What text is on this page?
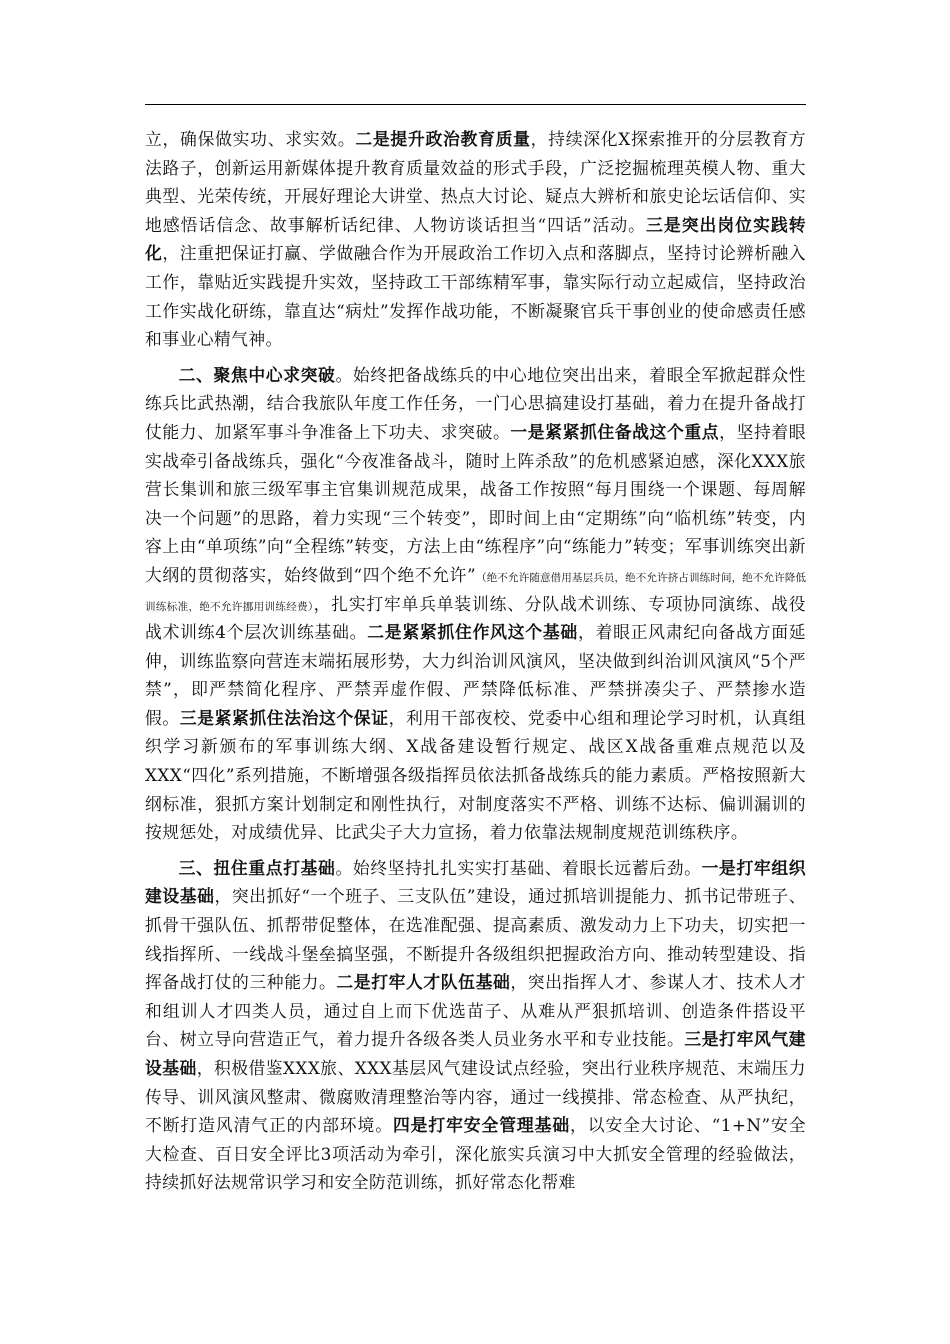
立，确保做实功、求实效。二是提升政治教育质量，持续深化X探索推开的分层教育方法路子，创新运用新媒体提升教育质量效益的形式手段，广泛挖掘梳理英模人物、重大典型、光荣传统，开展好理论大讲堂、热点大讨论、疑点大辨析和旅史论坛话信仰、实地感悟话信念、故事解析话纪律、人物访谈话担当“四话”活动。三是突出岗位实践转化，注重把保证打赢、学做融合作为开展政治工作切入点和落脚点，坚持讨论辨析融入工作，靠贴近实践提升实效，坚持政工干部练精军事，靠实际行动立起威信，坚持政治工作实战化研练，靠直达“病灶”发挥作战功能，不断凝聚官兵干事创业的使命感责任感和事业心精气神。

二、聚焦中心求突破。始终把备战练兵的中心地位突出出来，着眼全军掀起群众性练兵比武热潮，结合我旅队年度工作任务，一门心思搞建设打基础，着力在提升备战打仗能力、加紧军事斗争准备上下功夫、求突破。一是紧紧抓住备战这个重点，坚持着眼实战牵引备战练兵，强化“今夜准备战斗，随时上阵杀敌”的危机感紧迫感，深化XXX旅营长集训和旅三级军事主官集训规范成果，战备工作按照“每月围绕一个课题、每周解决一个问题”的思路，着力实现“三个转变”，即时间上由“定期练”向“临机练”转变，内容上由“单项练”向“全程练”转变，方法上由“练程序”向“练能力”转变；军事训练突出新大纲的贯彻落实，始终做到“四个绝不允许”（绝不允许随意借用基层兵员，绝不允许挤占训练时间，绝不允许降低训练标准，绝不允许挪用训练经费），扎实打牢单兵单装训练、分队战术训练、专项协同演练、战役战术训练4个层次训练基础。二是紧紧抓住作风这个基础，着眼正风肃纪向备战方面延伸，训练监察向营连末端拓展形势，大力纠治训风演风，坚决做到纠治训风演风“5个严禁”，即严禁简化程序、严禁弄虚作假、严禁降低标准、严禁拼凑尖子、严禁掺水造假。三是紧紧抓住法治这个保证，利用干部夜校、党委中心组和理论学习时机，认真组织学习新颁布的军事训练大纲、X战备建设暂行规定、战区X战备重难点规范以及XXX“四化”系列措施，不断增强各级指挥员依法抓备战练兵的能力素质。严格按照新大纲标准，狠抓方案计划制定和刚性执行，对制度落实不严格、训练不达标、偏训漏训的按规惩处，对成绩优异、比武尖子大力宣扬，着力依靠法规制度规范训练秩序。

三、扭住重点打基础。始终坚持扎扎实实打基础、着眼长远蓄后劲。一是打牢组织建设基础，突出抓好“一个班子、三支队伍”建设，通过抓培训提能力、抓书记带班子、抓骨干强队伍、抓帮带促整体，在选准配强、提高素质、激发动力上下功夫，切实把一线指挥所、一线战斗堡垒搞坚强，不断提升各级组织把握政治方向、推动转型建设、指挥备战打仗的三种能力。二是打牢人才队伍基础，突出指挥人才、参谋人才、技术人才和组训人才四类人员，通过自上而下优选苗子、从难从严狠抓培训、创造条件搭设平台、树立导向营造正气，着力提升各级各类人员业务水平和专业技能。三是打牢风气建设基础，积极借鉴XXX旅、XXX基层风气建设试点经验，突出行业秩序规范、末端压力传导、训风演风整肃、微腐败清理整治等内容，通过一线摸排、常态检查、从严执纪，不断打造风清气正的内部环境。四是打牢安全管理基础，以安全大讨论、“1+N”安全大检查、百日安全评比3项活动为牵引，深化旅实兵演习中大抓安全管理的经验做法，持续抓好法规常识学习和安全防范训练，抓好常态化帮难
